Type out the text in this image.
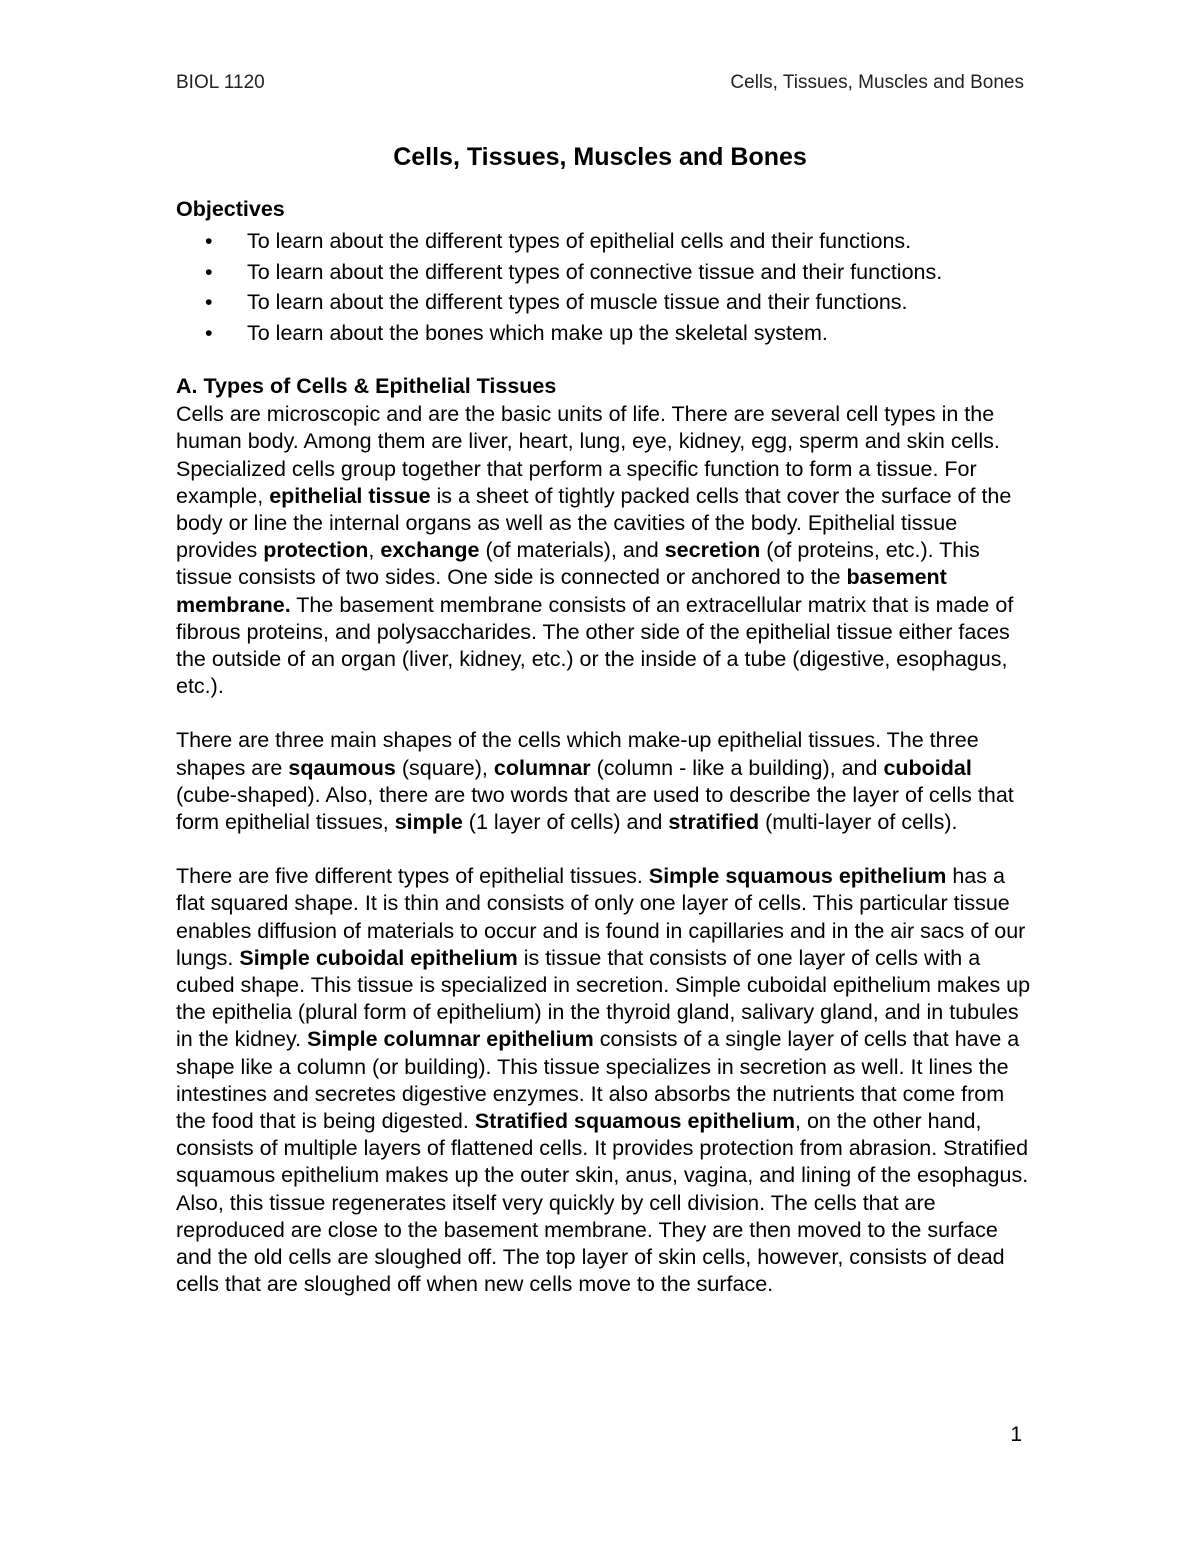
BIOL 1120	Cells, Tissues, Muscles and Bones
Cells, Tissues, Muscles and Bones
Objectives
• To learn about the different types of epithelial cells and their functions.
• To learn about the different types of connective tissue and their functions.
• To learn about the different types of muscle tissue and their functions.
• To learn about the bones which make up the skeletal system.
A. Types of Cells & Epithelial Tissues

Cells are microscopic and are the basic units of life. There are several cell types in the human body. Among them are liver, heart, lung, eye, kidney, egg, sperm and skin cells. Specialized cells group together that perform a specific function to form a tissue. For example, epithelial tissue is a sheet of tightly packed cells that cover the surface of the body or line the internal organs as well as the cavities of the body. Epithelial tissue provides protection, exchange (of materials), and secretion (of proteins, etc.). This tissue consists of two sides. One side is connected or anchored to the basement membrane. The basement membrane consists of an extracellular matrix that is made of fibrous proteins, and polysaccharides. The other side of the epithelial tissue either faces the outside of an organ (liver, kidney, etc.) or the inside of a tube (digestive, esophagus, etc.).

There are three main shapes of the cells which make-up epithelial tissues. The three shapes are sqaumous (square), columnar (column - like a building), and cuboidal (cube-shaped). Also, there are two words that are used to describe the layer of cells that form epithelial tissues, simple (1 layer of cells) and stratified (multi-layer of cells).

There are five different types of epithelial tissues. Simple squamous epithelium has a flat squared shape. It is thin and consists of only one layer of cells. This particular tissue enables diffusion of materials to occur and is found in capillaries and in the air sacs of our lungs. Simple cuboidal epithelium is tissue that consists of one layer of cells with a cubed shape. This tissue is specialized in secretion. Simple cuboidal epithelium makes up the epithelia (plural form of epithelium) in the thyroid gland, salivary gland, and in tubules in the kidney. Simple columnar epithelium consists of a single layer of cells that have a shape like a column (or building). This tissue specializes in secretion as well. It lines the intestines and secretes digestive enzymes. It also absorbs the nutrients that come from the food that is being digested. Stratified squamous epithelium, on the other hand, consists of multiple layers of flattened cells. It provides protection from abrasion. Stratified squamous epithelium makes up the outer skin, anus, vagina, and lining of the esophagus. Also, this tissue regenerates itself very quickly by cell division. The cells that are reproduced are close to the basement membrane. They are then moved to the surface and the old cells are sloughed off. The top layer of skin cells, however, consists of dead cells that are sloughed off when new cells move to the surface.

1
